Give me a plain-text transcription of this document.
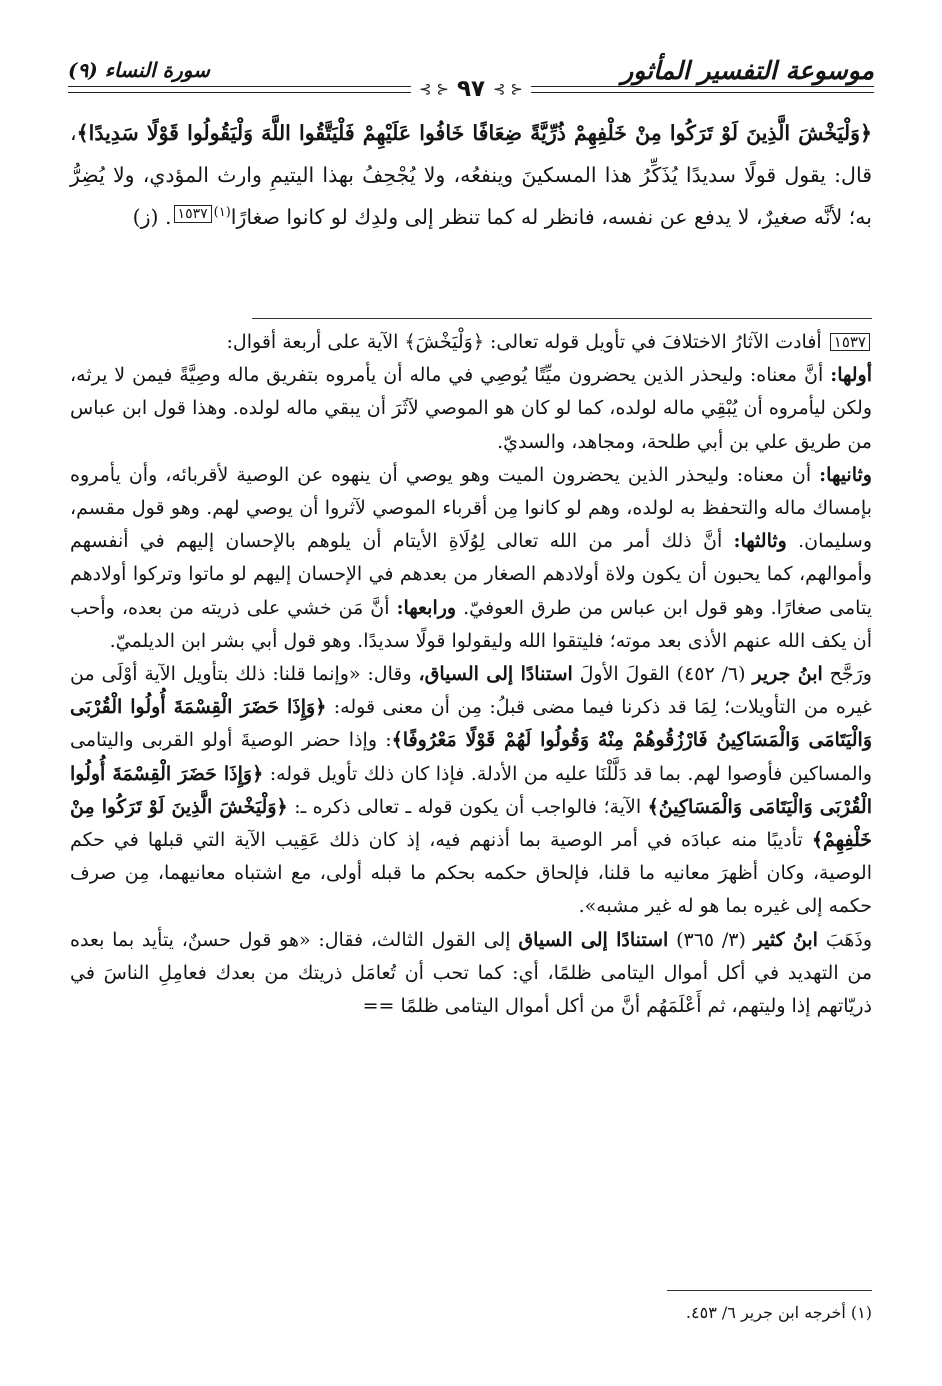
موسوعة التفسير المأثور
سورة النساء (٩)
⊰ ⊱ ٩٧ ⊰ ⊱
﴿وَلْيَخْشَ الَّذِينَ لَوْ تَرَكُوا مِنْ خَلْفِهِمْ ذُرِّيَّةً ضِعَافًا خَافُوا عَلَيْهِمْ فَلْيَتَّقُوا اللَّهَ وَلْيَقُولُوا قَوْلًا سَدِيدًا﴾، قال: يقول قولًا سديدًا يُذَكِّرُ هذا المسكينَ وينفعُه، ولا يُجْحِفُ بهذا اليتيمِ وارث المؤدي، ولا يُضِرُّ به؛ لأنَّه صغيرٌ، لا يدفع عن نفسه، فانظر له كما تنظر إلى ولدِك لو كانوا صغارًا$^{(١)}$١٥٣٧. (ز)

١٥٣٧ أفادت الآثارُ الاختلافَ في تأويل قوله تعالى: ﴿وَلْيَخْشَ﴾ الآية على أربعة أقوال:

أولها: أنَّ معناه: وليحذر الذين يحضرون ميِّتًا يُوصِي في ماله أن يأمروه بتفريق ماله وصِيَّةً فيمن لا يرثه، ولكن ليأمروه أن يُبْقِي ماله لولده، كما لو كان هو الموصي لآثَرَ أن يبقي ماله لولده. وهذا قول ابن عباس من طريق علي بن أبي طلحة، ومجاهد، والسديّ.

وثانيها: أن معناه: وليحذر الذين يحضرون الميت وهو يوصي أن ينهوه عن الوصية لأقربائه، وأن يأمروه بإمساك ماله والتحفظ به لولده، وهم لو كانوا مِن أقرباء الموصي لآثروا أن يوصي لهم. وهو قول مقسم، وسليمان. وثالثها: أنَّ ذلك أمر من الله تعالى لِوُلَاةِ الأيتام أن يلوهم بالإحسان إليهم في أنفسهم وأموالهم، كما يحبون أن يكون ولاة أولادهم الصغار من بعدهم في الإحسان إليهم لو ماتوا وتركوا أولادهم يتامى صغارًا. وهو قول ابن عباس من طرق العوفيّ. ورابعها: أنَّ مَن خشي على ذريته من بعده، وأحب أن يكف الله عنهم الأذى بعد موته؛ فليتقوا الله وليقولوا قولًا سديدًا. وهو قول أبي بشر ابن الديلميّ.

ورَجَّح ابنُ جرير (٦/ ٤٥٢) القولَ الأولَ استنادًا إلى السياق، وقال: «وإنما قلنا: ذلك بتأويل الآية أوْلَى من غيره من التأويلات؛ لِمَا قد ذكرنا فيما مضى قبلُ: مِن أن معنى قوله: ﴿وَإِذَا حَضَرَ الْقِسْمَةَ أُولُوا الْقُرْبَى وَالْيَتَامَى وَالْمَسَاكِينُ فَارْزُقُوهُمْ مِنْهُ وَقُولُوا لَهُمْ قَوْلًا مَعْرُوفًا﴾: وإذا حضر الوصيةَ أولو القربى واليتامى والمساكين فأوصوا لهم. بما قد دَلَّلْنَا عليه من الأدلة. فإذا كان ذلك تأويل قوله: ﴿وَإِذَا حَضَرَ الْقِسْمَةَ أُولُوا الْقُرْبَى وَالْيَتَامَى وَالْمَسَاكِينُ﴾ الآية؛ فالواجب أن يكون قوله ـ تعالى ذكره ـ: ﴿وَلْيَخْشَ الَّذِينَ لَوْ تَرَكُوا مِنْ خَلْفِهِمْ﴾ تأديبًا منه عبادَه في أمر الوصية بما أذنهم فيه، إذ كان ذلك عَقِيب الآية التي قبلها في حكم الوصية، وكان أظهرَ معانيه ما قلنا، فإلحاق حكمه بحكم ما قبله أولى، مع اشتباه معانيهما، مِن صرف حكمه إلى غيره بما هو له غير مشبه».

وذَهَبَ ابنُ كثير (٣/ ٣٦٥) استنادًا إلى السياق إلى القول الثالث، فقال: «هو قول حسنٌ، يتأيد بما بعده من التهديد في أكل أموال اليتامى ظلمًا، أي: كما تحب أن تُعامَل ذريتك من بعدك فعامِلِ الناسَ في ذريّاتهم إذا وليتهم، ثم أَعْلَمَهُم أنَّ من أكل أموال اليتامى ظلمًا ==

(١) أخرجه ابن جرير ٦/ ٤٥٣.
